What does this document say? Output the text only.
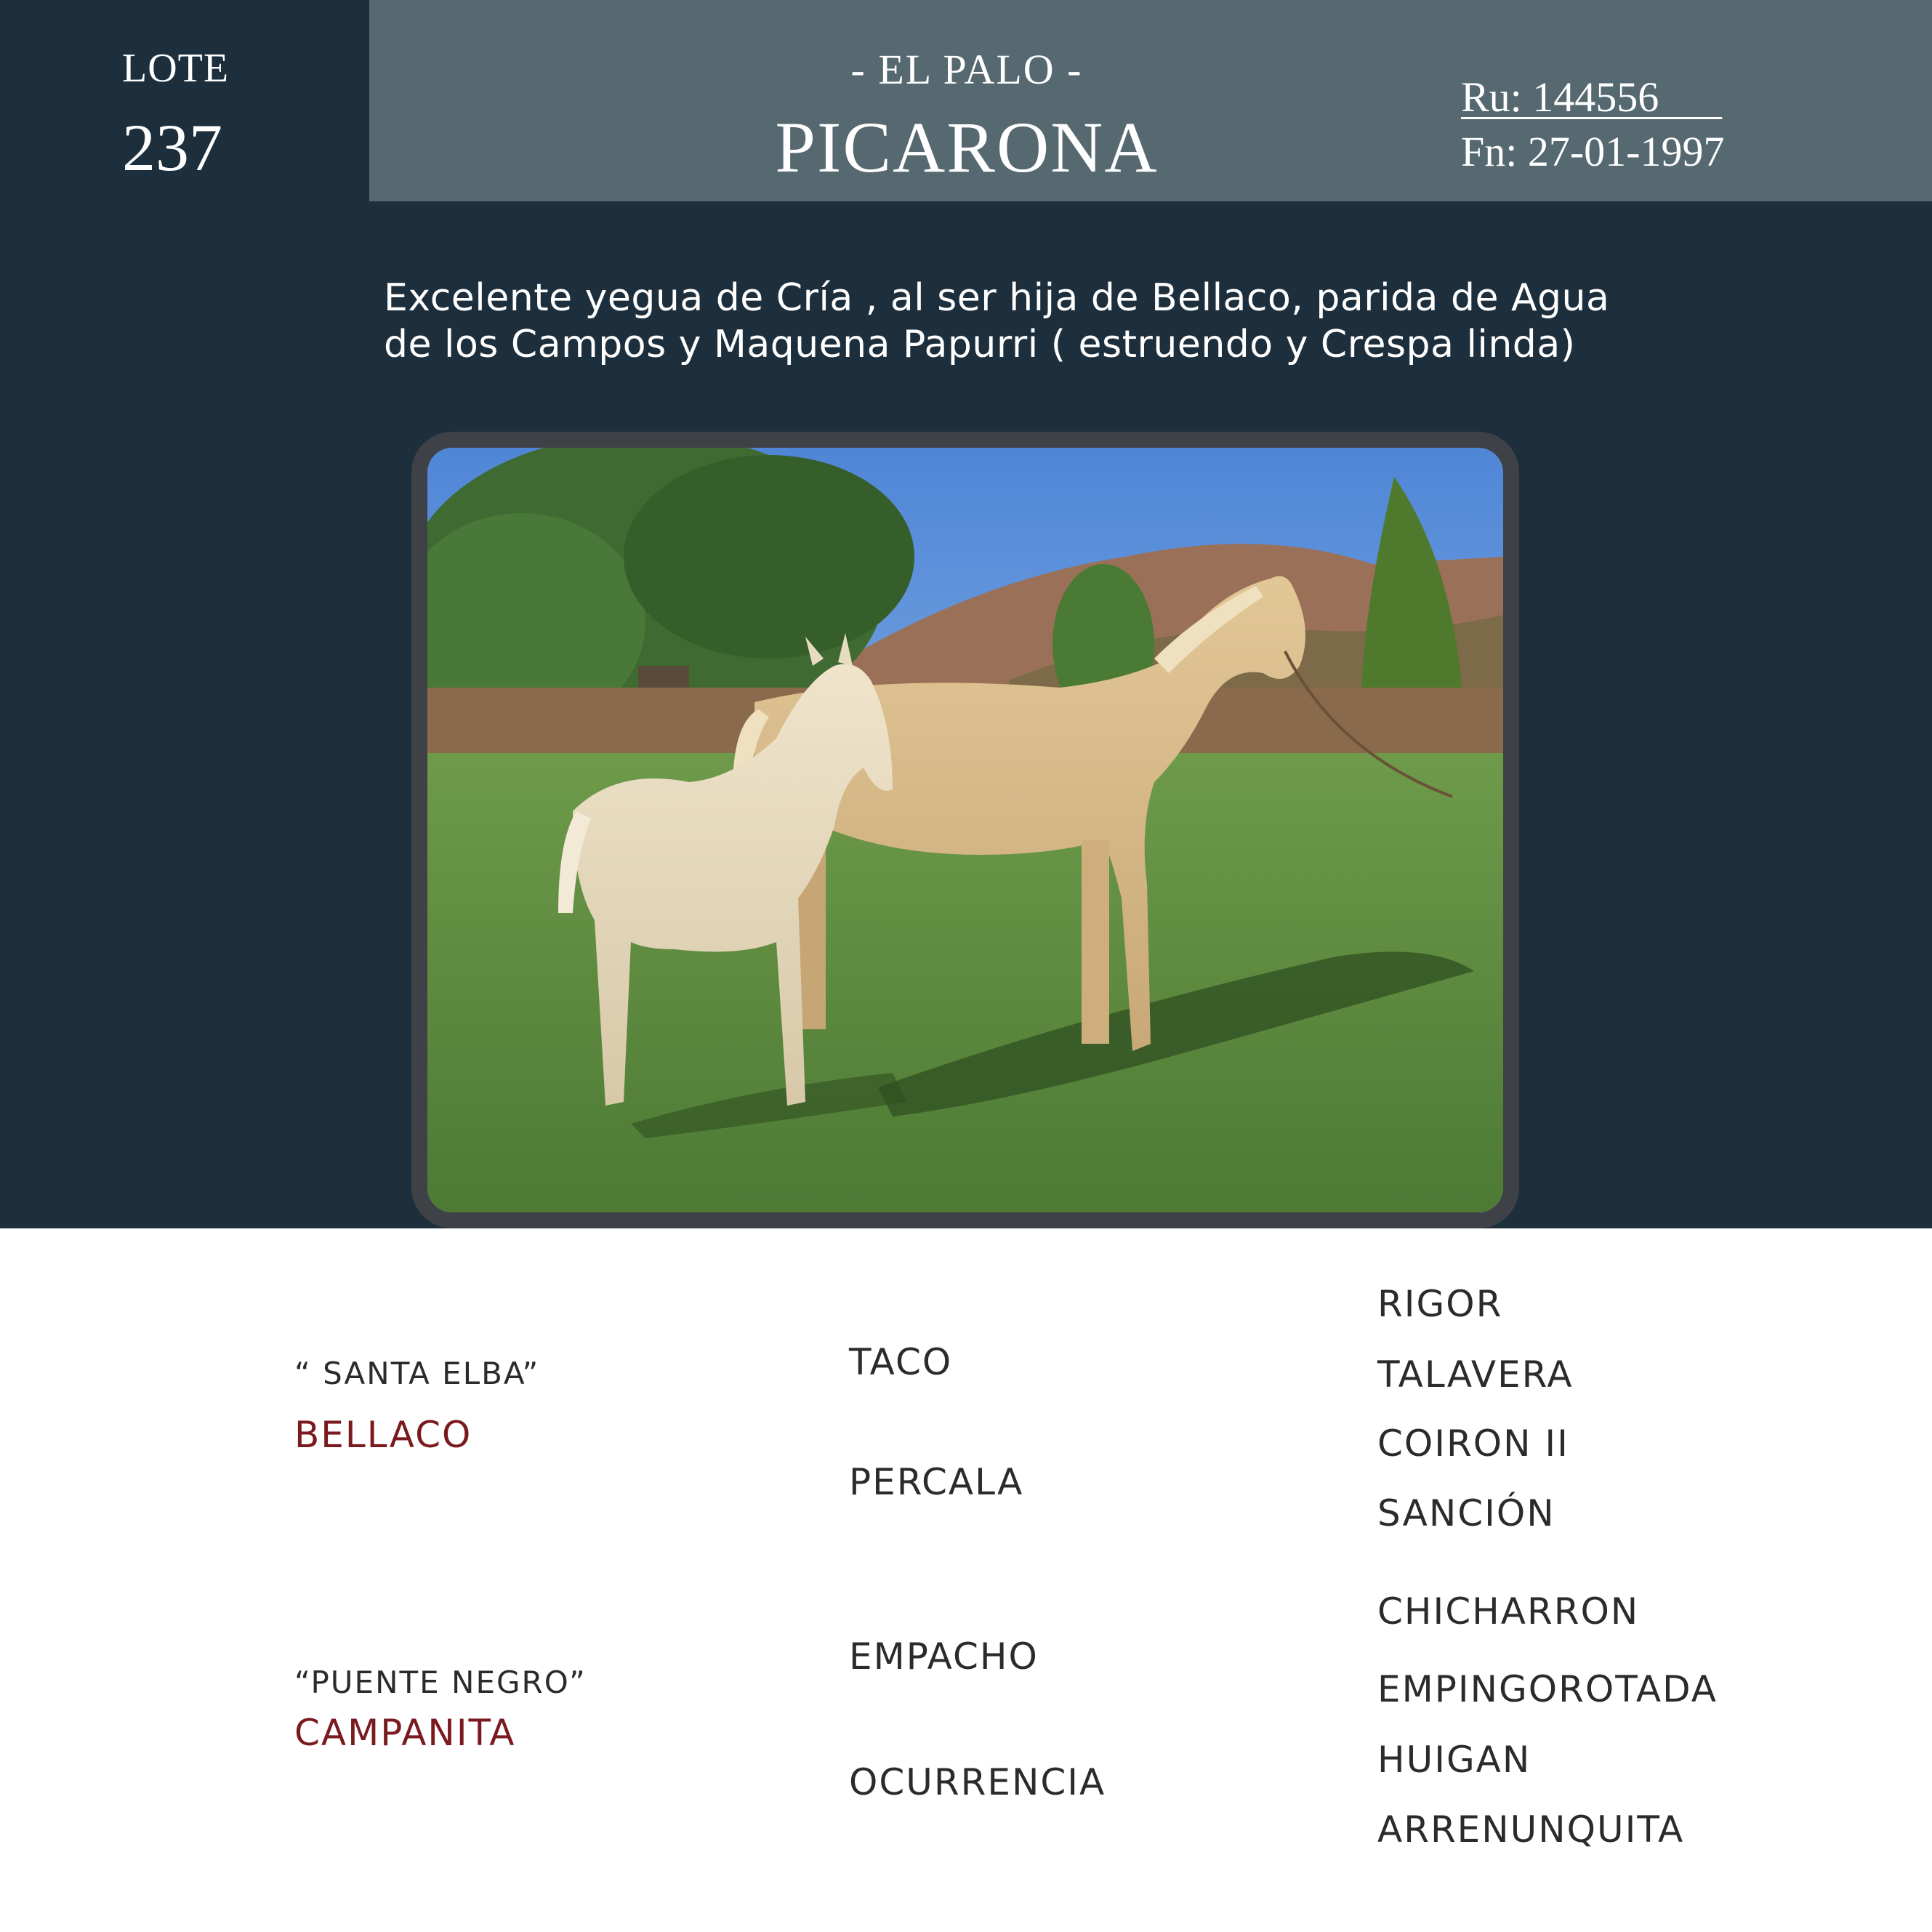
LOTE
237
- EL PALO -
PICARONA
Ru: 144556
Fn: 27-01-1997
Excelente yegua de Cría , al ser hija de Bellaco, parida de Agua
de los Campos y Maquena Papurri ( estruendo y Crespa linda)
“ SANTA ELBA”
BELLACO
“PUENTE NEGRO”
CAMPANITA
TACO
PERCALA
EMPACHO
OCURRENCIA
RIGOR
TALAVERA
COIRON II
SANCIÓN
CHICHARRON
EMPINGOROTADA
HUIGAN
ARRENUNQUITA
